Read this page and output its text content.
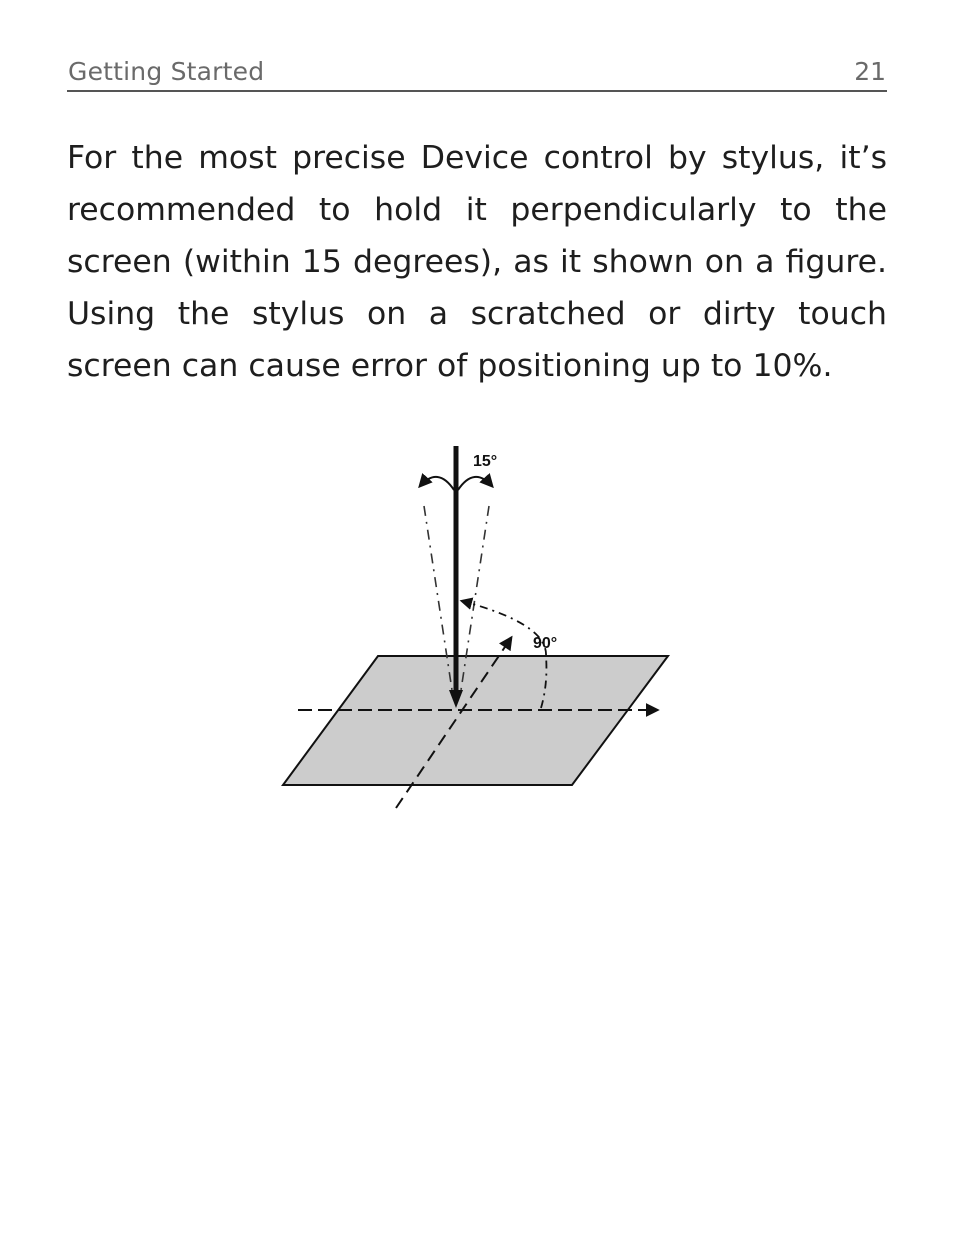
Getting Started	21

For the most precise Device control by stylus, it’s recommended to hold it perpendicularly to the screen (within 15 degrees), as it shown on a figure. Using the stylus on a scratched or dirty touch screen can cause error of positioning up to 10%.

15°
90°
